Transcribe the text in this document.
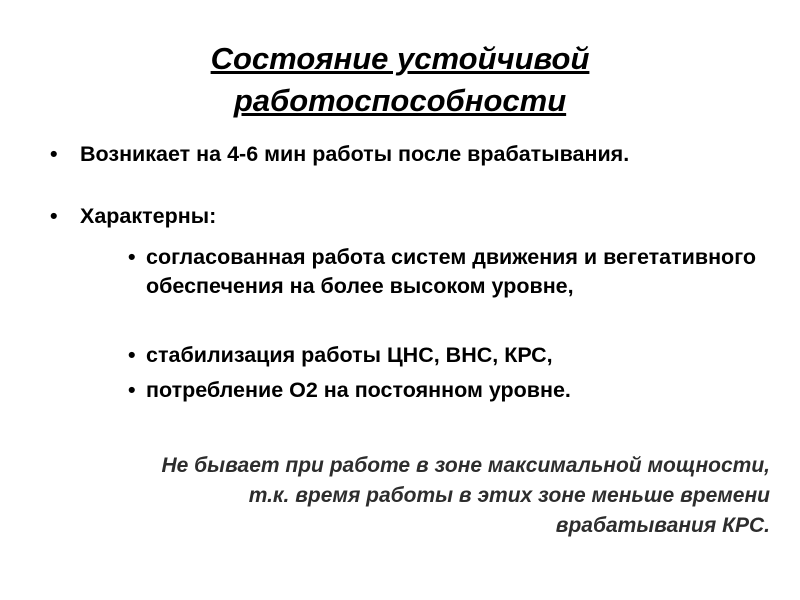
Состояние устойчивой работоспособности
• Возникает на 4-6 мин работы после врабатывания.
• Характерны:
• согласованная работа систем движения и вегетативного обеспечения на более высоком уровне,
• стабилизация работы ЦНС, ВНС, КРС,
• потребление О2 на постоянном уровне.
Не бывает при работе в зоне максимальной мощности, т.к. время работы в этих зоне меньше времени врабатывания КРС.
